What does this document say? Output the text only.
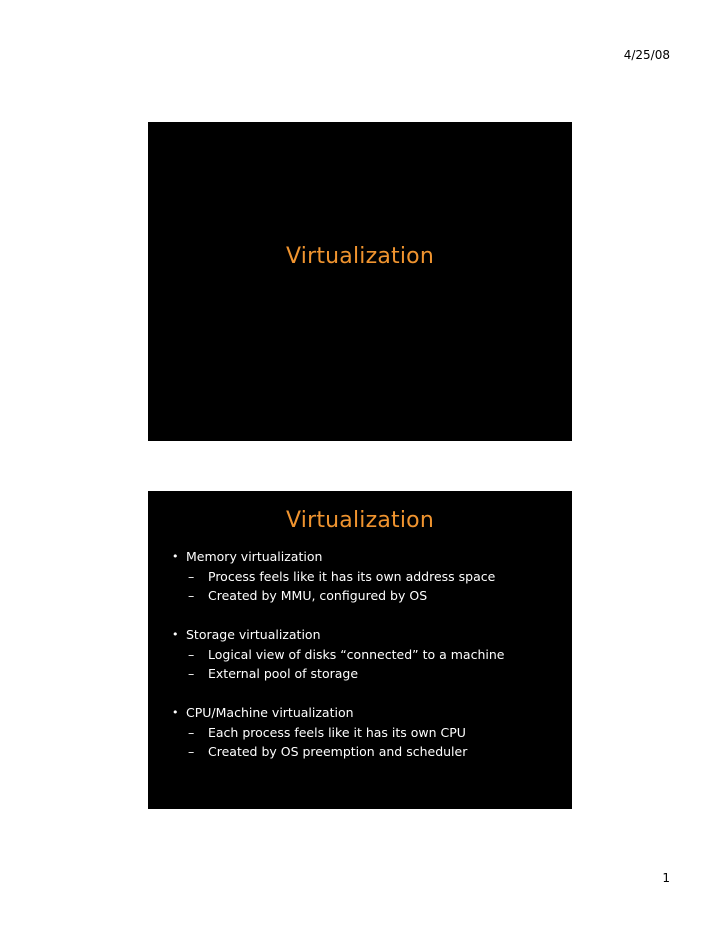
4/25/08
Virtualization
Virtualization
• Memory virtualization
– Process feels like it has its own address space
– Created by MMU, configured by OS
• Storage virtualization
– Logical view of disks “connected” to a machine
– External pool of storage
• CPU/Machine virtualization
– Each process feels like it has its own CPU
– Created by OS preemption and scheduler
1
